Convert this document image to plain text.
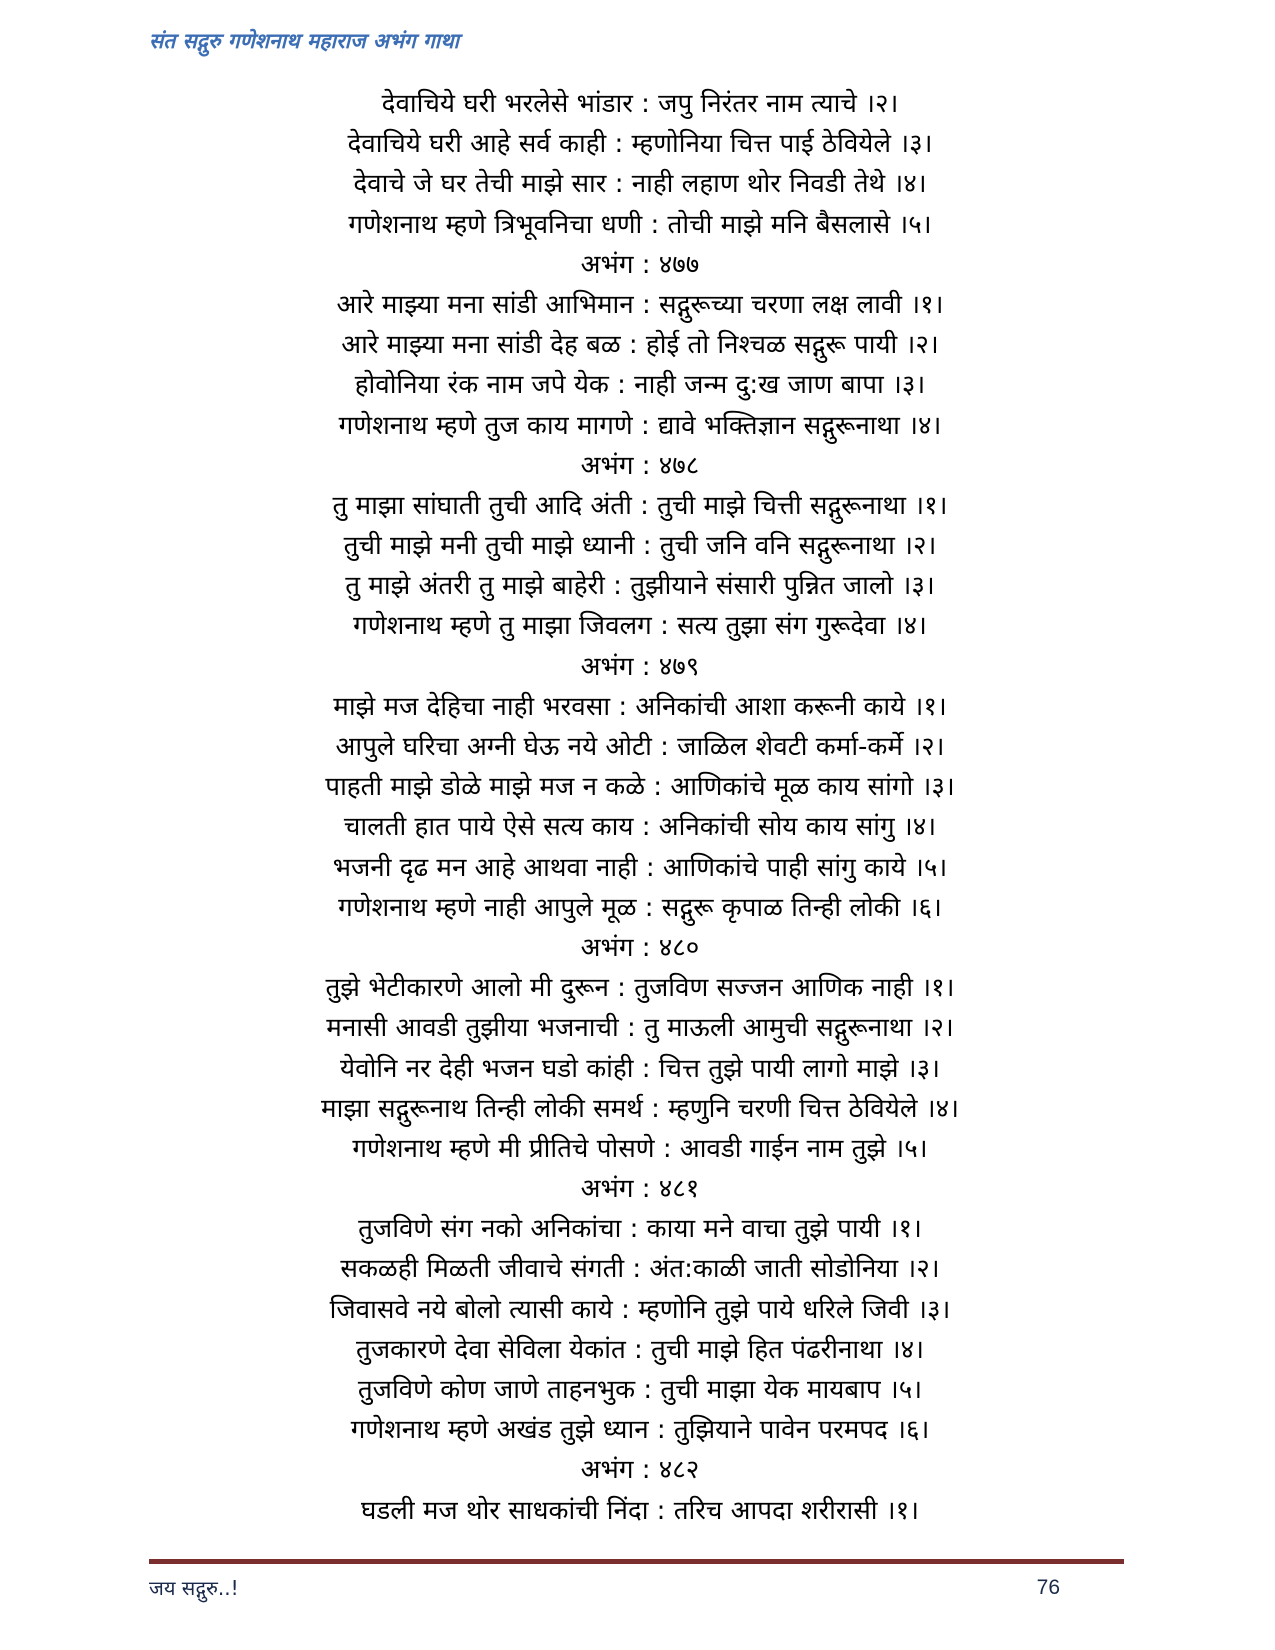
संत सद्गुरु गणेशनाथ महाराज अभंग गाथा
देवाचिये घरी भरलेसे भांडार : जपु निरंतर नाम त्याचे ।२।
देवाचिये घरी आहे सर्व काही : म्हणोनिया चित्त पाई ठेवियेले ।३।
देवाचे जे घर तेची माझे सार : नाही लहाण थोर निवडी तेथे ।४।
गणेशनाथ म्हणे त्रिभूवनिचा धणी : तोची माझे मनि बैसलासे ।५।
अभंग : ४७७
आरे माझ्या मना सांडी आभिमान : सद्गुरूच्या चरणा लक्ष लावी ।१।
आरे माझ्या मना सांडी देह बळ : होई तो निश्चळ सद्गुरू पायी ।२।
होवोनिया रंक नाम जपे येक : नाही जन्म दु:ख जाण बापा ।३।
गणेशनाथ म्हणे तुज काय मागणे : द्यावे भक्तिज्ञान सद्गुरूनाथा ।४।
अभंग : ४७८
तु माझा सांघाती तुची आदि अंती : तुची माझे चित्ती सद्गुरूनाथा ।१।
तुची माझे मनी तुची माझे ध्यानी : तुची जनि वनि सद्गुरूनाथा ।२।
तु माझे अंतरी तु माझे बाहेरी : तुझीयाने संसारी पुन्नित जालो ।३।
गणेशनाथ म्हणे तु माझा जिवलग : सत्य तुझा संग गुरूदेवा ।४।
अभंग : ४७९
माझे मज देहिचा नाही भरवसा : अनिकांची आशा करूनी काये ।१।
आपुले घरिचा अग्नी घेऊ नये ओटी : जाळिल शेवटी कर्मा-कर्मे ।२।
पाहती माझे डोळे माझे मज न कळे : आणिकांचे मूळ काय सांगो ।३।
चालती हात पाये ऐसे सत्य काय : अनिकांची सोय काय सांगु ।४।
भजनी दृढ मन आहे आथवा नाही : आणिकांचे पाही सांगु काये ।५।
गणेशनाथ म्हणे नाही आपुले मूळ : सद्गुरू कृपाळ तिन्ही लोकी ।६।
अभंग : ४८०
तुझे भेटीकारणे आलो मी दुरून : तुजविण सज्जन आणिक नाही ।१।
मनासी आवडी तुझीया भजनाची : तु माऊली आमुची सद्गुरूनाथा ।२।
येवोनि नर देही भजन घडो कांही : चित्त तुझे पायी लागो माझे ।३।
माझा सद्गुरूनाथ तिन्ही लोकी समर्थ : म्हणुनि चरणी चित्त ठेवियेले ।४।
गणेशनाथ म्हणे मी प्रीतिचे पोसणे : आवडी गाईन नाम तुझे ।५।
अभंग : ४८१
तुजविणे संग नको अनिकांचा : काया मने वाचा तुझे पायी ।१।
सकळही मिळती जीवाचे संगती : अंत:काळी जाती सोडोनिया ।२।
जिवासवे नये बोलो त्यासी काये : म्हणोनि तुझे पाये धरिले जिवी ।३।
तुजकारणे देवा सेविला येकांत : तुची माझे हित पंढरीनाथा ।४।
तुजविणे कोण जाणे ताहनभुक : तुची माझा येक मायबाप ।५।
गणेशनाथ म्हणे अखंड तुझे ध्यान : तुझियाने पावेन परमपद ।६।
अभंग : ४८२
घडली मज थोर साधकांची निंदा : तरिच आपदा शरीरासी ।१।
जय सद्गुरु..!	76
